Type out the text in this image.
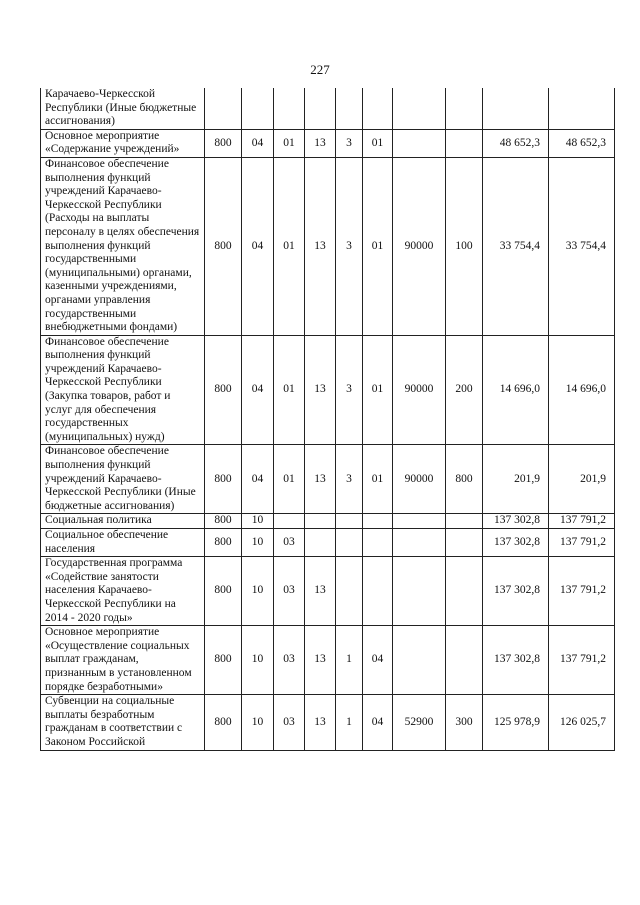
227
Карачаево-Черкесской Республики (Иные бюджетные ассигнования)										
Основное мероприятие «Содержание учреждений»	800	04	01	13	3	01			48 652,3	48 652,3
Финансовое обеспечение выполнения функций учреждений Карачаево-Черкесской Республики (Расходы на выплаты персоналу в целях обеспечения выполнения функций государственными (муниципальными) органами, казенными учреждениями, органами управления государственными внебюджетными фондами)	800	04	01	13	3	01	90000	100	33 754,4	33 754,4
Финансовое обеспечение выполнения функций учреждений Карачаево-Черкесской Республики (Закупка товаров, работ и услуг для обеспечения государственных (муниципальных) нужд)	800	04	01	13	3	01	90000	200	14 696,0	14 696,0
Финансовое обеспечение выполнения функций учреждений Карачаево-Черкесской Республики (Иные бюджетные ассигнования)	800	04	01	13	3	01	90000	800	201,9	201,9
Социальная политика	800	10							137 302,8	137 791,2
Социальное обеспечение населения	800	10	03						137 302,8	137 791,2
Государственная программа «Содействие занятости населения Карачаево-Черкесской Республики на 2014 - 2020 годы»	800	10	03	13					137 302,8	137 791,2
Основное мероприятие «Осуществление социальных выплат гражданам, признанным в установленном порядке безработными»	800	10	03	13	1	04			137 302,8	137 791,2
Субвенции на социальные выплаты безработным гражданам в соответствии с Законом Российской	800	10	03	13	1	04	52900	300	125 978,9	126 025,7
